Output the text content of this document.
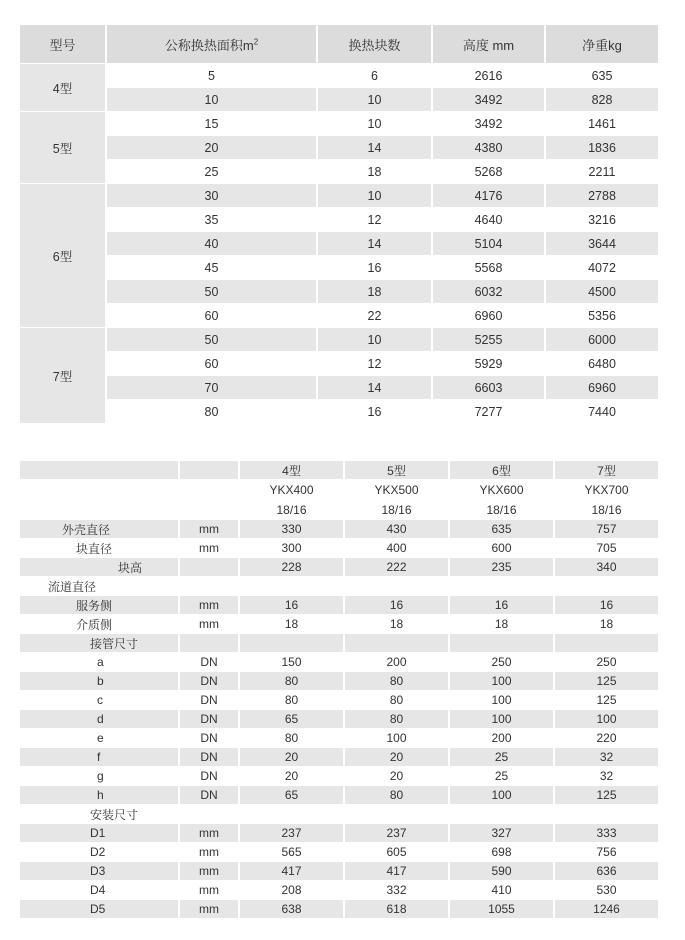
型号	公称换热面积$m^2$	换热块数	高度 mm	净重kg
4型	5	6	2616	635
	10	10	3492	828
5型	15	10	3492	1461
	20	14	4380	1836
	25	18	5268	2211
6型	30	10	4176	2788
	35	12	4640	3216
	40	14	5104	3644
	45	16	5568	4072
	50	18	6032	4500
	60	22	6960	5356
7型	50	10	5255	6000
	60	12	5929	6480
	70	14	6603	6960
	80	16	7277	7440
		4型	5型	6型	7型
		YKX400	YKX500	YKX600	YKX700
		18/16	18/16	18/16	18/16
外壳直径	mm	330	430	635	757
块直径	mm	300	400	600	705
块高		228	222	235	340
流道直径					
服务侧	mm	16	16	16	16
介质侧	mm	18	18	18	18
接管尺寸					
a	DN	150	200	250	250
b	DN	80	80	100	125
c	DN	80	80	100	125
d	DN	65	80	100	100
e	DN	80	100	200	220
f	DN	20	20	25	32
g	DN	20	20	25	32
h	DN	65	80	100	125
安装尺寸					
D1	mm	237	237	327	333
D2	mm	565	605	698	756
D3	mm	417	417	590	636
D4	mm	208	332	410	530
D5	mm	638	618	1055	1246
